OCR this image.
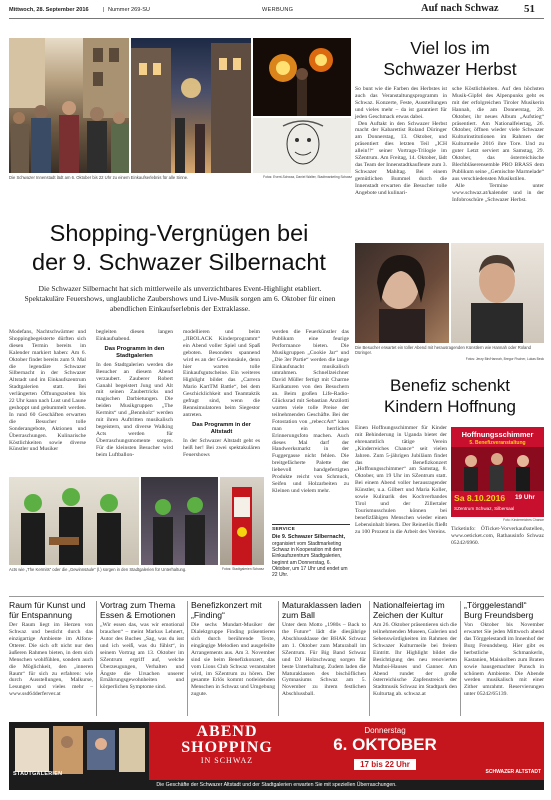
Mittwoch, 28. September 2016	| Nummer 269-SU	WERBUNG	Auf nach Schwaz 51
Die Schwazer Innenstadt lädt am 6. Oktober bis 22 Uhr zu einem Einkaufserlebnis für alle Sinne.	Fotos: Event-Schwaz, Daniel Walter, Stadtmarketing Schwaz
Viel los im
Schwazer Herbst

So bunt wie die Farben des Herbstes ist auch das Veranstaltungsprogramm in Schwaz. Konzerte, Feste, Ausstellungen und vieles mehr – da ist garantiert für jeden Geschmack etwas dabei.

Den Auftakt in den Schwazer Herbst macht der Kabarettist Roland Düringer am Donnerstag, 13. Oktober, und präsentiert dies letzten Teil „ICH allein!!“ seiner Vortrags-Trilogie im SZentrum. Am Freitag, 14. Oktober, lädt das Team der Innenstadtkaufleute zum 3. Schwazer Mahltag. Bei einem gemütlichen Bummel durch die Innenstadt erwarten die Besucher tolle Angebote und kulinari-

sche Köstlichkeiten. Auf den höchsten Musik-Gipfel des Alpenpunks geht es mit der erfolgreichen Tiroler Musikerin Hannah, die am Donnerstag, 20. Oktober, ihr neues Album „Aufstieg“ präsentiert. Am Nationalfeiertag, 26. Oktober, öffnen wieder viele Schwazer Kulturinstitutionen im Rahmen der Kulturmeile 2016 ihre Tore. Und zu guter Letzt serviert am Samstag, 29. Oktober, das österreichische Blechbläserensemble PRO BRASS dem Publikum seine „Gemischte Marmelade“ aus verschiedensten Musikstilen.

Alle Termine unter www.schwaz.at/kalender und in der Infobroschüre „Schwazer Herbst.

Die Besucher erwartet ein toller Abend mit herausragenden Künstlern wie Hannah oder Roland Düringer.
Fotos: Jerzy Bin/Hannah, Bregor Fischer, Lukas Beck
Shopping-Vergnügen bei
der 9. Schwazer Silbernacht
Die Schwazer Silbernacht hat sich mittlerweile als unverzichtbares Event-Highlight etabliert. Spektakuläre Feuershows, unglaubliche Zaubershows und Live-Musik sorgen am 6. Oktober für einen abendlichen Einkaufserlebnis der Extraklasse.
Modefans, Nachtschwärmer und Shoppingbegeisterte dürften sich diesen Termin bereits im Kalender markiert haben: Am 6. Oktober findet bereits zum 9. Mal die legendäre Schwazer Silbernacht in der Schwazer Altstadt und im Einkaufszentrum Stadtgalerien statt. Bei verlängerten Öffnungszeiten bis 22 Uhr kann nach Lust und Laune geshoppt und gebummelt werden. In rund 60 Geschäften erwarten die Besucher tolle Sonderangebote, Aktionen und Überraschungen. Kulinarische Köstlichkeiten sowie diverse Künstler und Musiker

begleiten diesen langen Einkaufsabend.

Das Programm in den
Stadtgalerien

In den Stadtgalerien werden die Besucher an diesem Abend verzaubert. Zauberer Robert Ganahl begeistert Jung und Alt mit seinen Zaubertricks und magischen Darbietungen. Die beiden Musikgruppen „The Kermits“ und „Bennholz“ werden mit ihren Auftritten musikalisch begeistern, und diverse Walking Acts werden für Überraschungsmomente sorgen. Für die kleinsten Besucher wird beim Luftballon-

modellieren und beim „JIBOLACK Kinderprogramm“ ein Abend voller Spiel und Spaß geboten. Besonders spannend wird es an der Gewinnsäule, denn hier warten tolle Einkaufsgutscheine. Ein weiteres Highlight bildet das „Carrera Mario KartTM Battle“, bei dem Geschicklichkeit und Teamtaktik gefragt sind, wenn die Rennsimulatoren beim Siegestor antreten.

Das Programm in der
Altstadt

In der Schwazer Altstadt geht es heiß her! Bei zwei spektakulären Feuershows

werden die Feuerkünstler das Publikum eine feurige Performance bieten. Die Musikgruppen „Cookie Jar“ und „Die 3er Partie“ werden die lange Einkaufsnacht musikalisch umrahmen. Schnellzeichner David Müller fertigt mit Charme Karikaturen von den Besuchern an. Beim großen Life-Radio-Glücksrad mit Sebastian Anzilotti warten viele tolle Preise der teilnehmenden Geschäfte. Bei der Fotostation von „rebeccArt“ kann man ein herrliches Erinnerungsfoto machen. Auch dieses Mal darf der Handwerksmarkt in der Fuggergasse nicht fehlen. Die breitgefächerte Palette der liebevoll handgefertigten Produkte reicht von Schmuck, Seifen und Holzarbeiten zu Kleinen und vielem mehr.
Acts wie „The Kermits“ oder die „Gewinnsäule“ (l.) sorgen in den Stadtgalerien für Unterhaltung.	Fotos: Stadtgalerien Schwaz
SERVICE
Die 9. Schwazer Silbernacht,
organisiert vom Stadtmarketing Schwaz in Kooperation mit dem Einkaufszentrum Stadtgalerien, beginnt am Donnerstag, 6. Oktober, um 17 Uhr und endet um 22 Uhr.
Benefiz schenkt
Kindern Hoffnung
Einen Hoffnungsschimmer für Kinder mit Behinderung in Uganda bietet der ehrenamtlich tätige Verein „Kinderreiches Chance“ seit vielen Jahren. Zum 5-jährigen Jubiläum findet das Benefizkonzert „Hoffnungsschimmer“ am Samstag, 8. Oktober, um 19 Uhr im SZentrum statt. Bei einem Abend voller herausragender Künstler, u.a. Gilbert und Maria Koller, sowie Kulinarik des Kochverbandes Tirol und der Zillertaler Tourismusschulen können bei benefizfähigen Menschen wieder einen Lebensinhalt bieten. Der Reinerlös fließt zu 100 Prozent in die Arbeit des Vereins.
Hoffnungsschimmer
5. Benefizveranstaltung
Sa 8.10.2016 19 Uhr
SZentrum Schwaz, Silbersaal
Foto: Kinderreiches Chance
Ticketinfo: ÖTicket-Vorverkaufsstellen, www.oeticket.com, Rathausinfo Schwaz 05242/6960.
Raum für Kunst und für Entspannung
Der Raum liegt im Herzen von Schwaz und besticht durch das einzigartige Ambiente im Alfons-Otterer. Die sich oft nicht nur den äußeren Rahmen bieten, in dem sich Menschen wohlfühlen, sondern auch die Möglichkeit, den „inneren Raum“ für sich zu erfahren: wie durch Ausstellungen, Malkurse, Lesungen und vieles mehr – www.ssd64derferver.at
Vortrag zum Thema Essen & Emotionen
„Wir essen das, was wir emotional brauchen“ – meint Markus Lehnert, Autor des Buches „Sag, was du isst und ich weiß, was du fühlst“, in seinem Vortrag am 13. Oktober im SZentrum ergriff auf, welche Überzeugungen, Verhalten und Ängste die Ursachen unserer Ernährungsgewohnheiten und körperlichen Symptome sind.
Benefizkonzert mit „Finding“
Die sechs Mundart-Musiker der Dialektgruppe Finding präsentieren sich durch berührende Texte, eingängige Melodien und ausgefeilte Arrangements aus. Am 3. November sind sie beim Benefizkonzert, das vom Lions Club Schwaz veranstaltet wird, im SZentrum zu hören. Der gesamte Erlös kommt notleidenden Menschen in Schwaz und Umgebung zugute.
Maturaklassen laden zum Ball
Unter dem Motto „1980s – Back to the Future“ lädt die diesjährige Abschlussklasse der BHAK Schwaz am 1. Oktober zum Maturaball im SZentrum. Für Big Band Schwaz und DJ Holzschwang sorgen für beste Unterhaltung. Zudem laden die Maturaklassen des bischöflichen Gymnasiums Schwaz am 5. November zu ihrem festlichen Abschlussball.
Nationalfeiertag im Zeichen der Kultur
Am 26. Oktober präsentieren sich die teilnehmenden Museen, Galerien und Sehenswürdigkeiten im Rahmen der Schwazer Kulturmeile bei freiem Eintritt. Ihr Highlight bildet die Besichtigung des neu renovierten Mathoi-Hauses und Ganner. Am Abend rundet der große österreichische Zapfenstreich der Stadtmusik Schwaz im Stadtpark den Kulturtag ab. schwaz.at
„Törggelestandl“ Burg Freundsberg
Von Oktober bis November erwartet Sie jeden Mittwoch abend das Törggelestandl im Innenhof der Burg Freundsberg. Hier gibt es herbstliche Schmankerln, Kastanien, Maiskolben zum Braten sowie hausgemachter Punsch in schönem Ambiente. Die Abende werden musikalisch mit einer Zither umrahmt. Reservierungen unter 05242/65139.
STADTGALERIEN
ABEND
SHOPPING
IN SCHWAZ
Donnerstag
6. OKTOBER
17 bis 22 Uhr
SCHWAZER ALTSTADT
Die Geschäfte der Schwazer Altstadt und der Stadtgalerien erwarten Sie mit speziellen Überraschungen.
